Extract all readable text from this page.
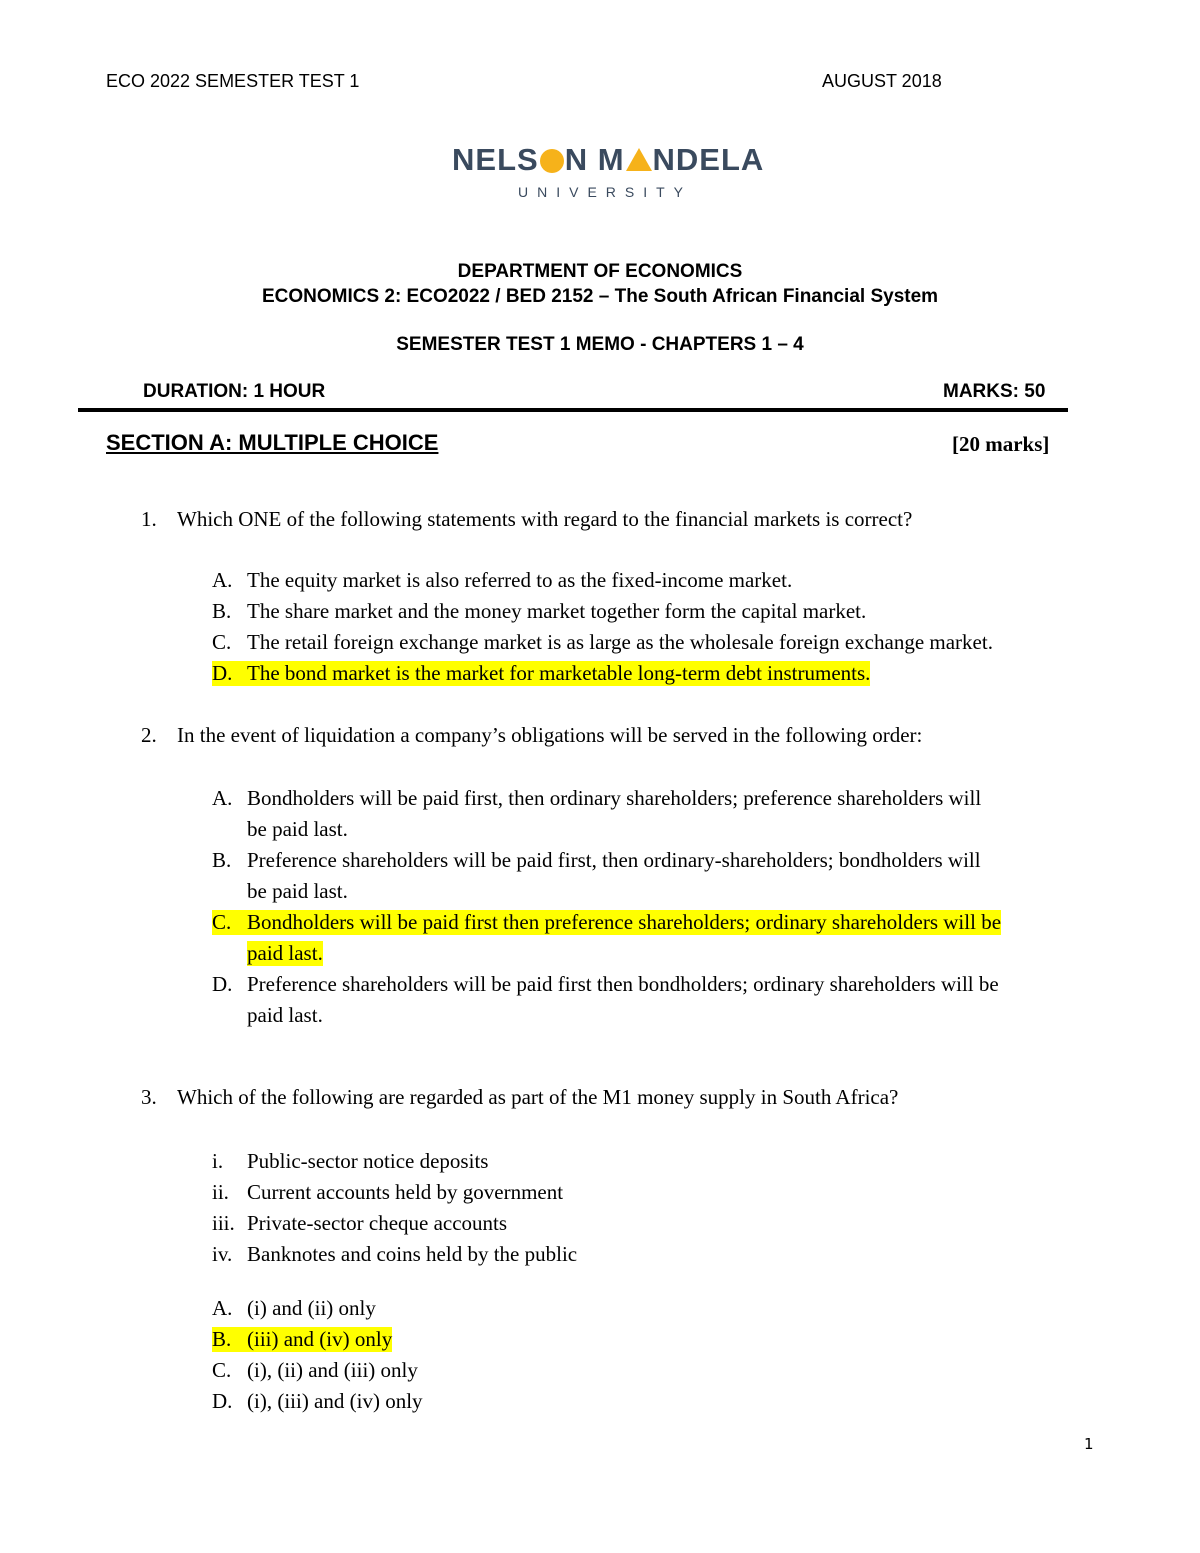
ECO 2022 SEMESTER TEST 1	AUGUST 2018
NELS N M NDELA
UNIVERSITY
DEPARTMENT OF ECONOMICS
ECONOMICS 2: ECO2022 / BED 2152 – The South African Financial System
SEMESTER TEST 1 MEMO - CHAPTERS 1 – 4
DURATION: 1 HOUR	MARKS: 50
SECTION A: MULTIPLE CHOICE	[20 marks]
1. Which ONE of the following statements with regard to the financial markets is correct?
A. The equity market is also referred to as the fixed-income market.
B. The share market and the money market together form the capital market.
C. The retail foreign exchange market is as large as the wholesale foreign exchange market.
D. The bond market is the market for marketable long-term debt instruments.
2. In the event of liquidation a company’s obligations will be served in the following order:
A. Bondholders will be paid first, then ordinary shareholders; preference shareholders will
be paid last.
B. Preference shareholders will be paid first, then ordinary-shareholders; bondholders will
be paid last.
C. Bondholders will be paid first then preference shareholders; ordinary shareholders will be
paid last.
D. Preference shareholders will be paid first then bondholders; ordinary shareholders will be
paid last.
3. Which of the following are regarded as part of the M1 money supply in South Africa?
i. Public-sector notice deposits
ii. Current accounts held by government
iii. Private-sector cheque accounts
iv. Banknotes and coins held by the public
A. (i) and (ii) only
B. (iii) and (iv) only
C. (i), (ii) and (iii) only
D. (i), (iii) and (iv) only
1
